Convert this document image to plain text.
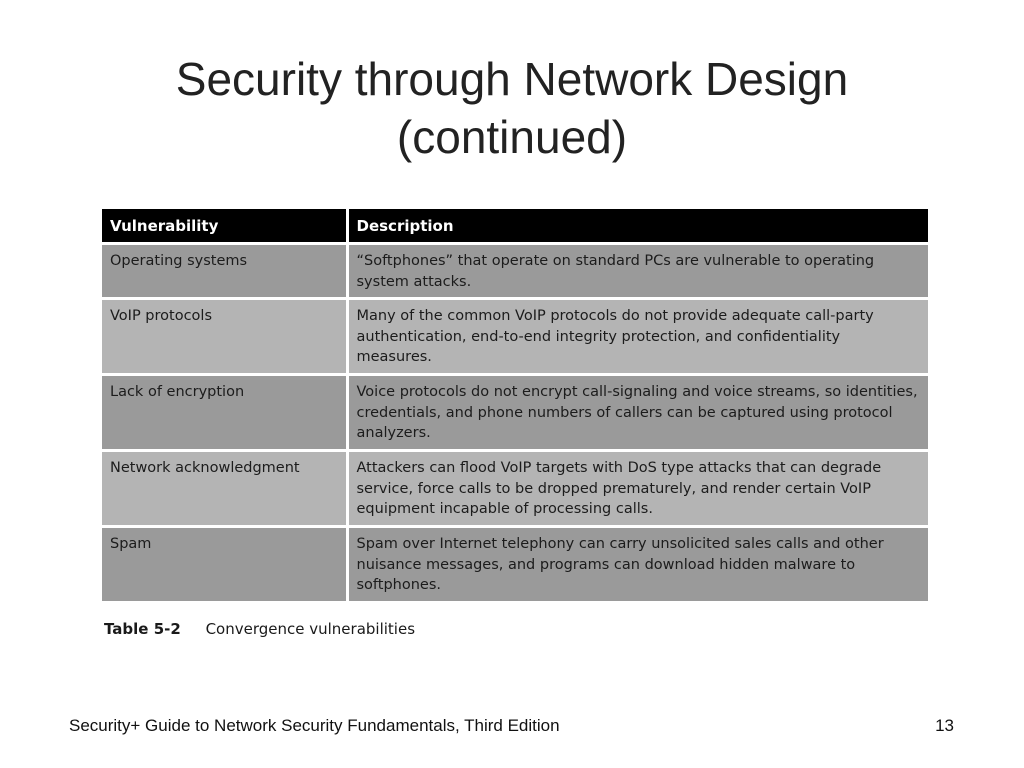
Security through Network Design
(continued)
Vulnerability	Description
Operating systems	“Softphones” that operate on standard PCs are vulnerable to operating system attacks.
VoIP protocols	Many of the common VoIP protocols do not provide adequate call-party authentication, end-to-end integrity protection, and confidentiality measures.
Lack of encryption	Voice protocols do not encrypt call-signaling and voice streams, so identities, credentials, and phone numbers of callers can be captured using protocol analyzers.
Network acknowledgment	Attackers can flood VoIP targets with DoS type attacks that can degrade service, force calls to be dropped prematurely, and render certain VoIP equipment incapable of processing calls.
Spam	Spam over Internet telephony can carry unsolicited sales calls and other nuisance messages, and programs can download hidden malware to softphones.
Table 5-2 Convergence vulnerabilities
Security+ Guide to Network Security Fundamentals, Third Edition	13
